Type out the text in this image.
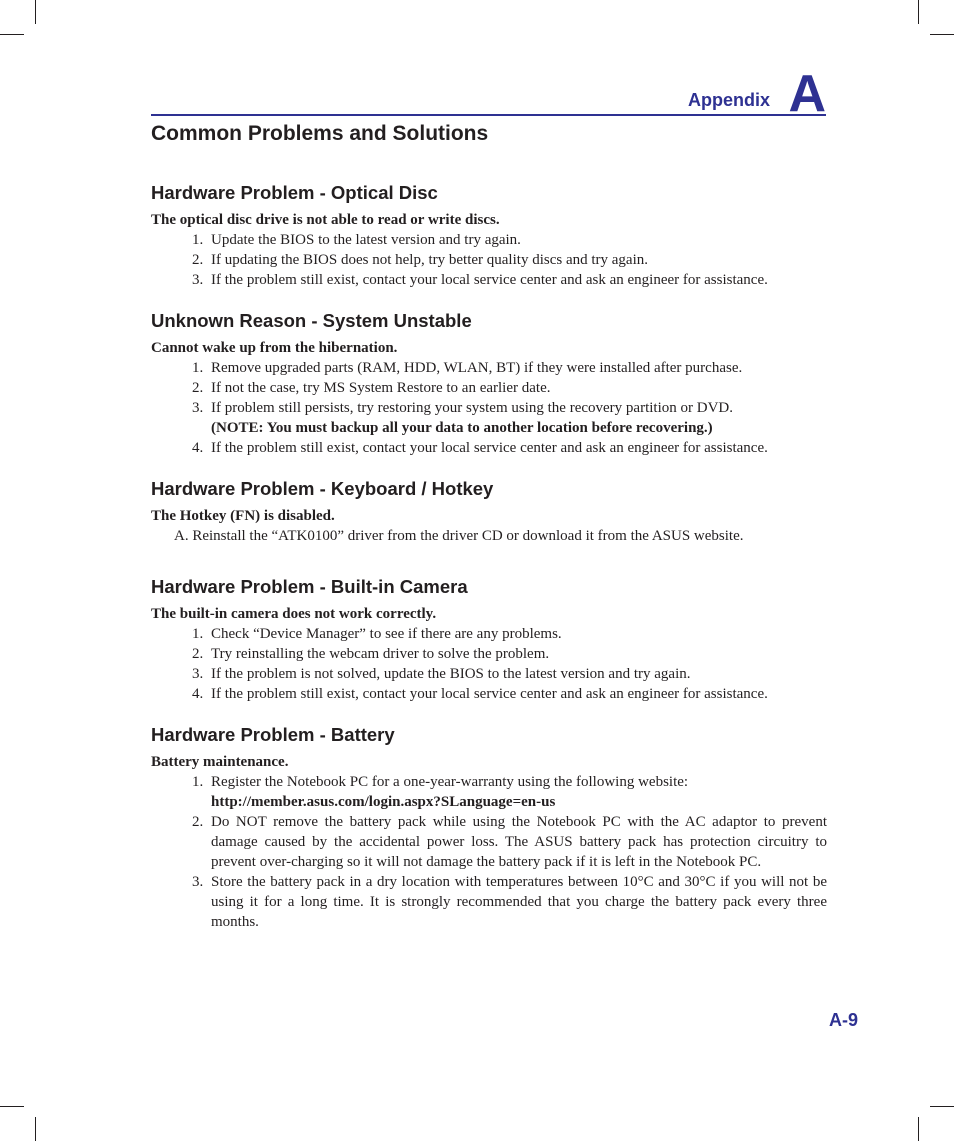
Appendix A
Common Problems and Solutions
Hardware Problem - Optical Disc
The optical disc drive is not able to read or write discs.
1. Update the BIOS to the latest version and try again.
2. If updating the BIOS does not help, try better quality discs and try again.
3. If the problem still exist, contact your local service center and ask an engineer for assistance.
Unknown Reason - System Unstable
Cannot wake up from the hibernation.
1. Remove upgraded parts (RAM, HDD, WLAN, BT) if they were installed after purchase.
2. If not the case, try MS System Restore to an earlier date.
3. If problem still persists, try restoring your system using the recovery partition or DVD.
(NOTE: You must backup all your data to another location before recovering.)
4. If the problem still exist, contact your local service center and ask an engineer for assistance.
Hardware Problem - Keyboard / Hotkey
The Hotkey (FN) is disabled.
A. Reinstall the “ATK0100” driver from the driver CD or download it from the ASUS website.
Hardware Problem - Built-in Camera
The built-in camera does not work correctly.
1. Check “Device Manager” to see if there are any problems.
2. Try reinstalling the webcam driver to solve the problem.
3. If the problem is not solved, update the BIOS to the latest version and try again.
4. If the problem still exist, contact your local service center and ask an engineer for assistance.
Hardware Problem - Battery
Battery maintenance.
1. Register the Notebook PC for a one-year-warranty using the following website:
http://member.asus.com/login.aspx?SLanguage=en-us
2. Do NOT remove the battery pack while using the Notebook PC with the AC adaptor to prevent damage caused by the accidental power loss. The ASUS battery pack has protection circuitry to prevent over-charging so it will not damage the battery pack if it is left in the Notebook PC.
3. Store the battery pack in a dry location with temperatures between 10°C and 30°C if you will not be using it for a long time. It is strongly recommended that you charge the battery pack every three months.
A-9
